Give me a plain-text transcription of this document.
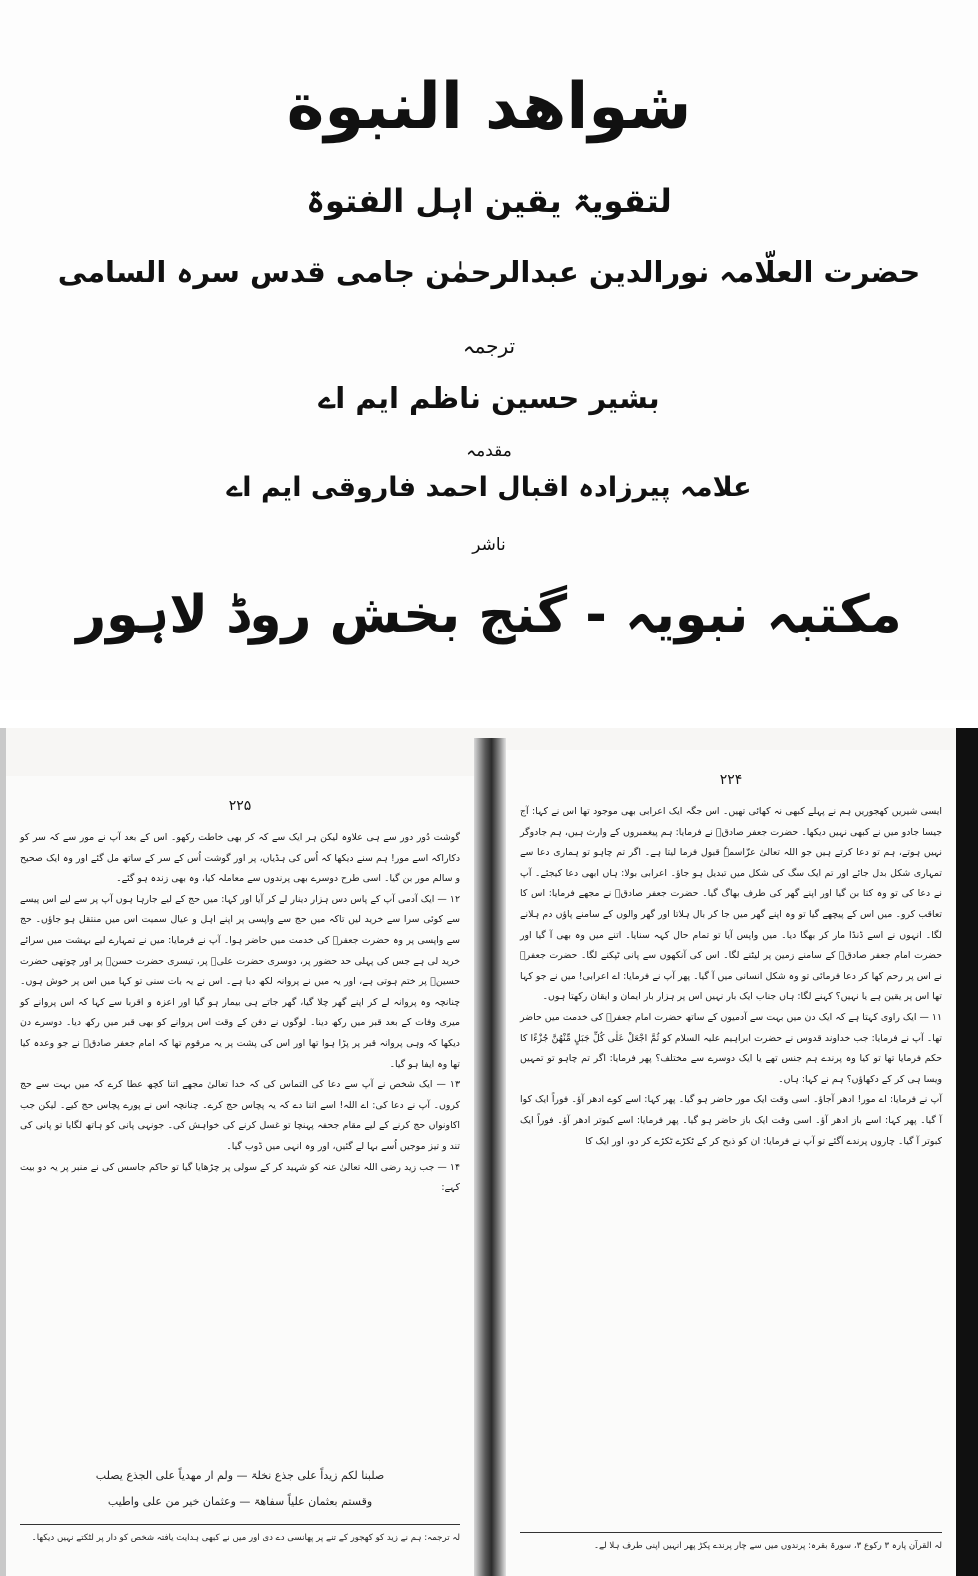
شواهد النبوة
لتقویۃ یقین اہل الفتوۃ
حضرت العلّامہ نورالدین عبدالرحمٰن جامی قدس سرہ السامی
ترجمہ
بشیر حسین ناظم ایم اے
مقدمہ
علامہ پیرزادہ اقبال احمد فاروقی ایم اے
ناشر
مکتبہ نبویہ - گنج بخش روڈ لاہور
۲۲۵

گوشت دُور دور سے ہی علاوہ لیکن ہر ایک سے کہ کر بھی خاطت رکھو۔ اس کے بعد آپ نے مور سے کہ سر کو دکاراکہ اسے مور! ہم سنے دیکھا کہ اُس کی ہڈیاں، پر اور گوشت اُس کے سر کے ساتھ مل گئے اور وہ ایک صحیح و سالم مور بن گیا۔ اسی طرح دوسرے بھی پرندوں سے معاملہ کیا، وہ بھی زندہ ہو گئے۔

۱۲ — ایک آدمی آپ کے پاس دس ہزار دینار لے کر آیا اور کہا: میں حج کے لیے جارہا ہوں آپ پر سے لیے اس پیسے سے کوئی سرا سے خرید لیں تاکہ میں حج سے واپسی پر اپنے اہل و عیال سمیت اس میں منتقل ہو جاؤں۔ حج سے واپسی پر وہ حضرت جعفرؓ کی خدمت میں حاضر ہوا۔ آپ نے فرمایا: میں نے تمہارے لیے بہشت میں سرائے خرید لی ہے جس کی پہلی حد حضور پر، دوسری حضرت علیؓ پر، تیسری حضرت حسنؓ پر اور چوتھی حضرت حسینؓ پر ختم ہوتی ہے، اور یہ میں نے پروانہ لکھ دیا ہے۔ اس نے یہ بات سنی تو کہا میں اس پر خوش ہوں۔ چنانچہ وہ پروانہ لے کر اپنے گھر چلا گیا، گھر جاتے ہی بیمار ہو گیا اور اعزہ و اقربا سے کہا کہ اس پروانے کو میری وفات کے بعد قبر میں رکھ دینا۔ لوگوں نے دفن کے وقت اس پروانے کو بھی قبر میں رکھ دیا۔ دوسرے دن دیکھا کہ وہی پروانہ قبر پر پڑا ہوا تھا اور اس کی پشت پر یہ مرقوم تھا کہ امام جعفر صادقؓ نے جو وعدہ کیا تھا وہ ایفا ہو گیا۔

۱۳ — ایک شخص نے آپ سے دعا کی التماس کی کہ خدا تعالیٰ مجھے اتنا کچھ عطا کرے کہ میں بہت سے حج کروں۔ آپ نے دعا کی: اے اللہ! اسے اتنا دے کہ یہ پچاس حج کرے۔ چنانچہ اس نے پورے پچاس حج کیے۔ لیکن جب اکاونواں حج کرنے کے لیے مقام جحفہ پہنچا تو غسل کرنے کی خواہش کی۔ جونہی پانی کو ہاتھ لگایا تو پانی کی تند و تیز موجیں اُسے بہا لے گئیں، اور وہ انہی میں ڈوب گیا۔

۱۴ — جب زید رضی اللہ تعالیٰ عنہ کو شہید کر کے سولی پر چڑھایا گیا تو حاکم جاسس کی نے منبر پر یہ دو بیت کہے:

صلبنا لکم زیداً علی جذع نخلۃ — ولم ار مھدیاً علی الجذع یصلب
وقستم بعثمان علیاً سفاھۃ — وعثمان خیر من علی واطیب
لہ ترجمہ: ہم نے زید کو کھجور کے تنے پر پھانسی دے دی اور میں نے کبھی ہدایت یافتہ شخص کو دار پر لٹکتے نہیں دیکھا۔
۲۲۴

ایسی شیریں کھجوریں ہم نے پہلے کبھی نہ کھائی تھیں۔ اس جگہ ایک اعرابی بھی موجود تھا اس نے کہا: آج جیسا جادو میں نے کبھی نہیں دیکھا۔ حضرت جعفر صادقؓ نے فرمایا: ہم پیغمبروں کے وارث ہیں، ہم جادوگر نہیں ہوتے، ہم تو دعا کرتے ہیں جو اللہ تعالیٰ عزّاسمہٗ قبول فرما لیتا ہے۔ اگر تم چاہو تو ہماری دعا سے تمہاری شکل بدل جائے اور تم ایک سگ کی شکل میں تبدیل ہو جاؤ۔ اعرابی بولا: ہاں ابھی دعا کیجئے۔ آپ نے دعا کی تو وہ کتا بن گیا اور اپنے گھر کی طرف بھاگ گیا۔ حضرت جعفر صادقؓ نے مجھے فرمایا: اس کا تعاقب کرو۔ میں اس کے پیچھے گیا تو وہ اپنے گھر میں جا کر بال ہلاتا اور گھر والوں کے سامنے پاؤں دم ہلانے لگا۔ انہوں نے اسے ڈنڈا مار کر بھگا دیا۔ میں واپس آیا تو تمام حال کہہ سنایا۔ اتنے میں وہ بھی آ گیا اور حضرت امام جعفر صادقؓ کے سامنے زمین پر لیٹنے لگا۔ اس کی آنکھوں سے پانی ٹپکنے لگا۔ حضرت جعفرؓ نے اس پر رحم کھا کر دعا فرمائی تو وہ شکل انسانی میں آ گیا۔ پھر آپ نے فرمایا: اے اعرابی! میں نے جو کہا تھا اس پر یقین ہے یا نہیں؟ کہنے لگا: ہاں جناب ایک بار نہیں اس پر ہزار بار ایمان و ایقان رکھتا ہوں۔

۱۱ — ایک راوی کہتا ہے کہ ایک دن میں بہت سے آدمیوں کے ساتھ حضرت امام جعفرؓ کی خدمت میں حاضر تھا۔ آپ نے فرمایا: جب خداوند قدوس نے حضرت ابراہیم علیہ السلام کو ثُمَّ اجْعَلْ عَلٰی کُلِّ جَبَلٍ مِّنْهُنَّ جُزْءًا کا حکم فرمایا تھا تو کیا وہ پرندے ہم جنس تھے یا ایک دوسرے سے مختلف؟ پھر فرمایا: اگر تم چاہو تو تمہیں ویسا ہی کر کے دکھاؤں؟ ہم نے کہا: ہاں۔

آپ نے فرمایا: اے مور! ادھر آجاؤ۔ اسی وقت ایک مور حاضر ہو گیا۔ پھر کہا: اسے کوے ادھر آؤ۔ فوراً ایک کوا آ گیا۔ پھر کہا: اسے باز ادھر آؤ۔ اسی وقت ایک باز حاضر ہو گیا۔ پھر فرمایا: اسے کبوتر ادھر آؤ۔ فوراً ایک کبوتر آ گیا۔ چاروں پرندے آگئے تو آپ نے فرمایا: ان کو ذبح کر کے ٹکڑے ٹکڑے کر دو، اور ایک کا

لہ القرآن پارہ ۳ رکوع ۳، سورۃ بقرہ: پرندوں میں سے چار پرندے پکڑ پھر انہیں اپنی طرف ہلا لے۔
